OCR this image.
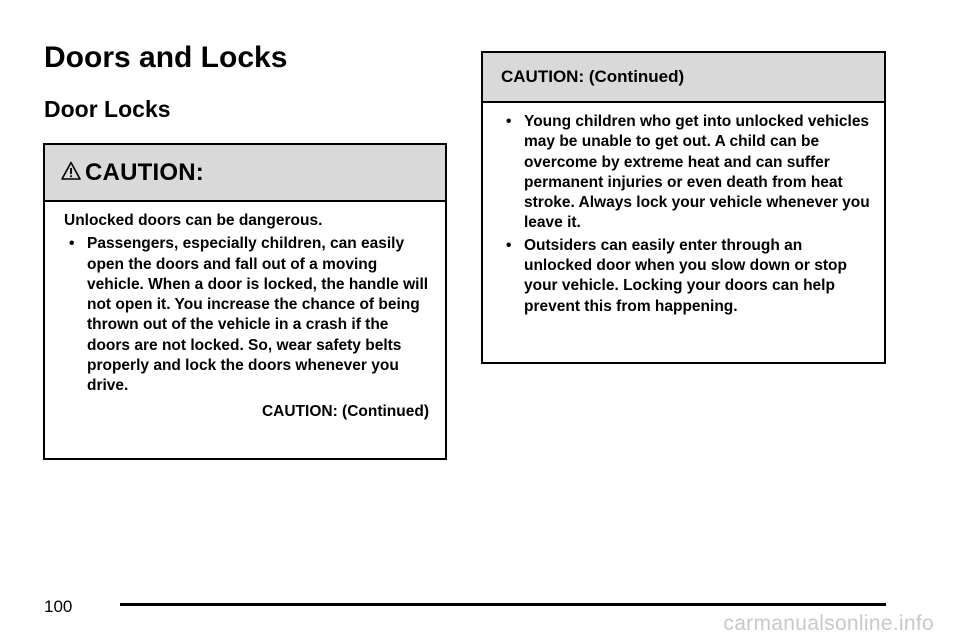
Doors and Locks
Door Locks
CAUTION:

Unlocked doors can be dangerous.

• Passengers, especially children, can easily open the doors and fall out of a moving vehicle. When a door is locked, the handle will not open it. You increase the chance of being thrown out of the vehicle in a crash if the doors are not locked. So, wear safety belts properly and lock the doors whenever you drive.
CAUTION: (Continued)
CAUTION: (Continued)
• Young children who get into unlocked vehicles may be unable to get out. A child can be overcome by extreme heat and can suffer permanent injuries or even death from heat stroke. Always lock your vehicle whenever you leave it.
• Outsiders can easily enter through an unlocked door when you slow down or stop your vehicle. Locking your doors can help prevent this from happening.
100
carmanualsonline.info
